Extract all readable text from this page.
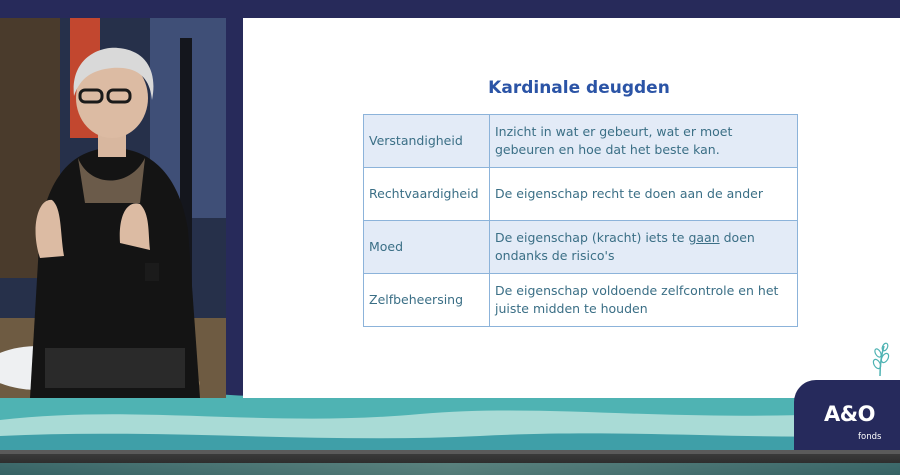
Kardinale deugden
Verstandigheid	Inzicht in wat er gebeurt, wat er moet gebeuren en hoe dat het beste kan.
Rechtvaardigheid	De eigenschap recht te doen aan de ander
Moed	De eigenschap (kracht) iets te gaan doen ondanks de risico's
Zelfbeheersing	De eigenschap voldoende zelfcontrole en het juiste midden te houden
A&O
fonds
